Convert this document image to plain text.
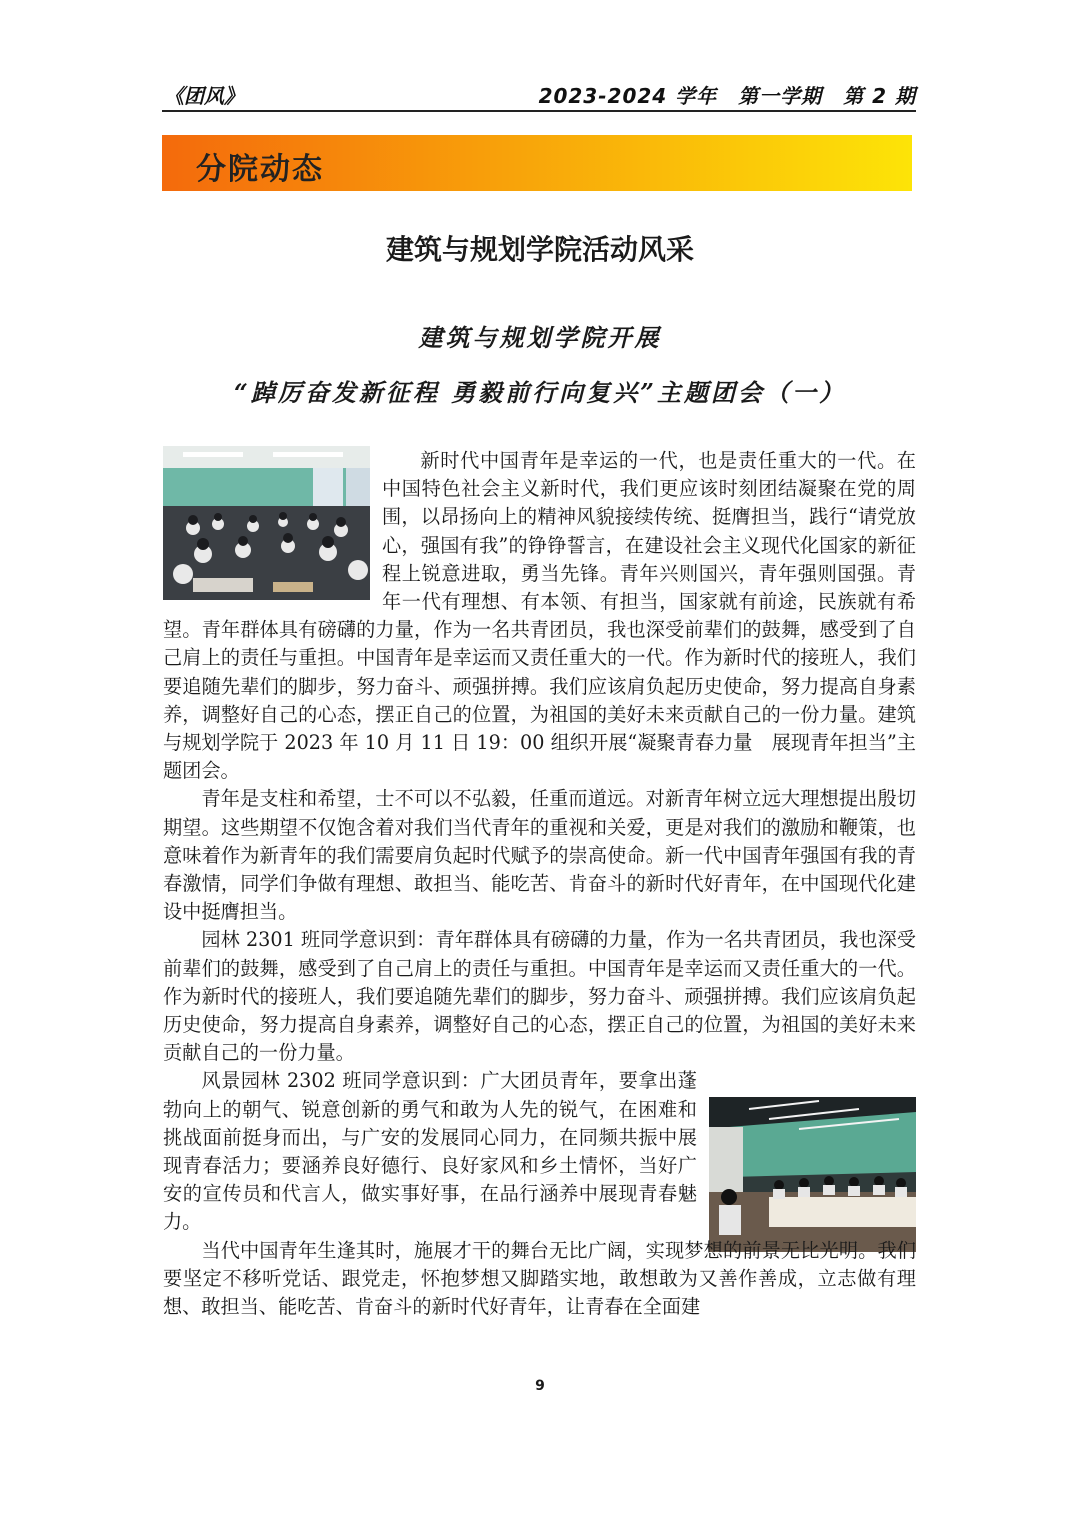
《团风》	2023-2024 学年　第一学期　第 2 期
分院动态
建筑与规划学院活动风采
建筑与规划学院开展
“踔厉奋发新征程 勇毅前行向复兴”主题团会（一）

新时代中国青年是幸运的一代，也是责任重大的一代。在中国特色社会主义新时代，我们更应该时刻团结凝聚在党的周围，以昂扬向上的精神风貌接续传统、挺膺担当，践行“请党放心，强国有我”的铮铮誓言，在建设社会主义现代化国家的新征程上锐意进取，勇当先锋。青年兴则国兴，青年强则国强。青年一代有理想、有本领、有担当，国家就有前途，民族就有希望。青年群体具有磅礴的力量，作为一名共青团员，我也深受前辈们的鼓舞，感受到了自己肩上的责任与重担。中国青年是幸运而又责任重大的一代。作为新时代的接班人，我们要追随先辈们的脚步，努力奋斗、顽强拼搏。我们应该肩负起历史使命，努力提高自身素养，调整好自己的心态，摆正自己的位置，为祖国的美好未来贡献自己的一份力量。建筑与规划学院于 2023 年 10 月 11 日 19：00 组织开展“凝聚青春力量　展现青年担当”主题团会。

青年是支柱和希望，士不可以不弘毅，任重而道远。对新青年树立远大理想提出殷切期望。这些期望不仅饱含着对我们当代青年的重视和关爱，更是对我们的激励和鞭策，也意味着作为新青年的我们需要肩负起时代赋予的崇高使命。新一代中国青年强国有我的青春激情，同学们争做有理想、敢担当、能吃苦、肯奋斗的新时代好青年，在中国现代化建设中挺膺担当。

园林 2301 班同学意识到：青年群体具有磅礴的力量，作为一名共青团员，我也深受前辈们的鼓舞，感受到了自己肩上的责任与重担。中国青年是幸运而又责任重大的一代。作为新时代的接班人，我们要追随先辈们的脚步，努力奋斗、顽强拼搏。我们应该肩负起历史使命，努力提高自身素养，调整好自己的心态，摆正自己的位置，为祖国的美好未来贡献自己的一份力量。

风景园林 2302 班同学意识到：广大团员青年，要拿出蓬勃向上的朝气、锐意创新的勇气和敢为人先的锐气，在困难和挑战面前挺身而出，与广安的发展同心同力，在同频共振中展现青春活力；要涵养良好德行、良好家风和乡土情怀，当好广安的宣传员和代言人，做实事好事，在品行涵养中展现青春魅力。

当代中国青年生逢其时，施展才干的舞台无比广阔，实现梦想的前景无比光明。我们要坚定不移听党话、跟党走，怀抱梦想又脚踏实地，敢想敢为又善作善成，立志做有理想、敢担当、能吃苦、肯奋斗的新时代好青年，让青春在全面建

9
